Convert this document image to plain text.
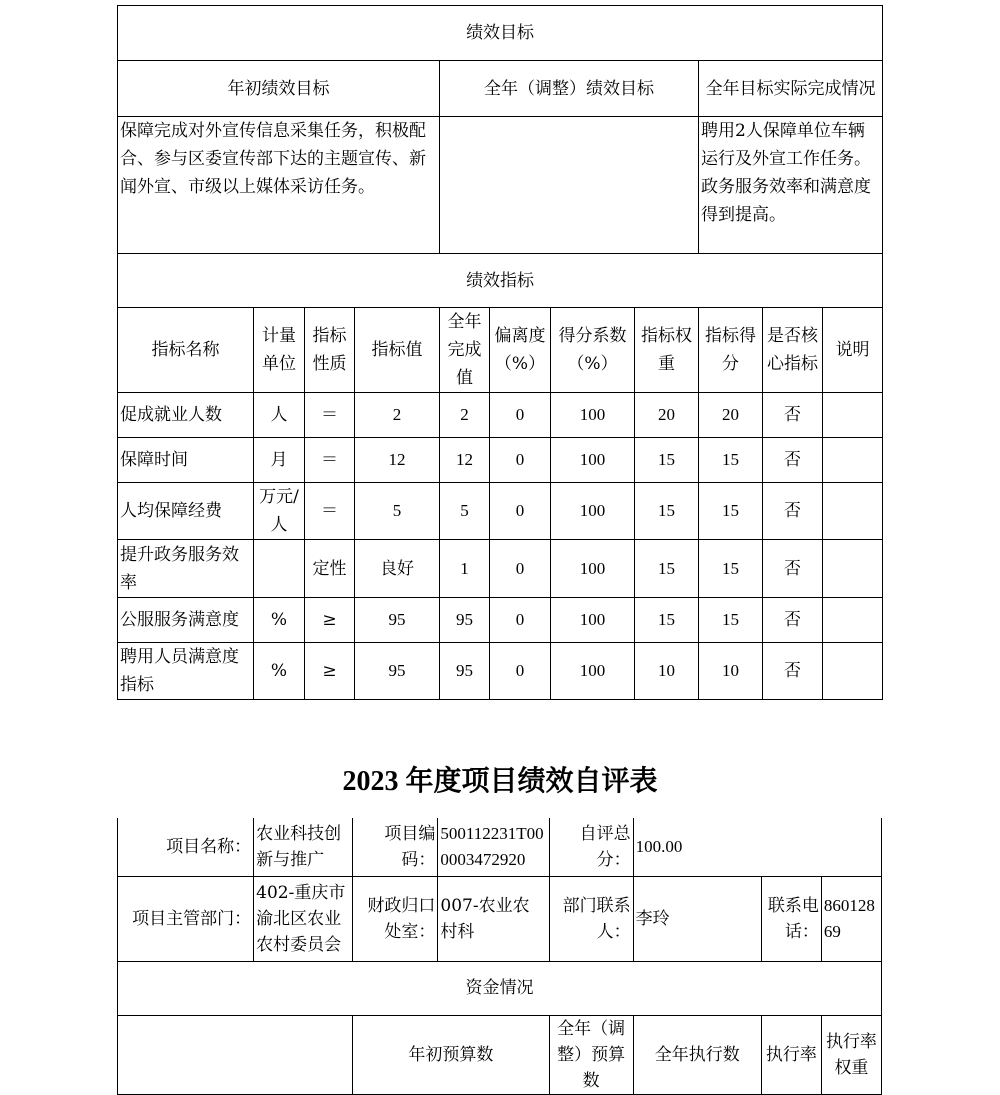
绩效目标										
年初绩效目标				全年（调整）绩效目标				全年目标实际完成情况		
保障完成对外宣传信息采集任务，积极配合、参与区委宣传部下达的主题宣传、新闻外宣、市级以上媒体采访任务。								聘用2人保障单位车辆运行及外宣工作任务。政务服务效率和满意度得到提高。		
绩效指标										
指标名称	计量单位	指标性质	指标值	全年完成值	偏离度（%）	得分系数（%）	指标权重	指标得分	是否核心指标	说明
促成就业人数	人	＝	2	2	0	100	20	20	否	
保障时间	月	＝	12	12	0	100	15	15	否	
人均保障经费	万元/人	＝	5	5	0	100	15	15	否	
提升政务服务效率		定性	良好	1	0	100	15	15	否	
公服服务满意度	%	≥	95	95	0	100	15	15	否	
聘用人员满意度指标	%	≥	95	95	0	100	10	10	否	
2023 年度项目绩效自评表
项目名称：	农业科技创新与推广	项目编码：	500112231T000003472920	自评总分：	100.00		
项目主管部门：	402-重庆市渝北区农业农村委员会	财政归口处室：	007-农业农村科	部门联系人：	李玲	联系电话：	86012869
资金情况							
		年初预算数		全年（调整）预算数	全年执行数	执行率	执行率权重
